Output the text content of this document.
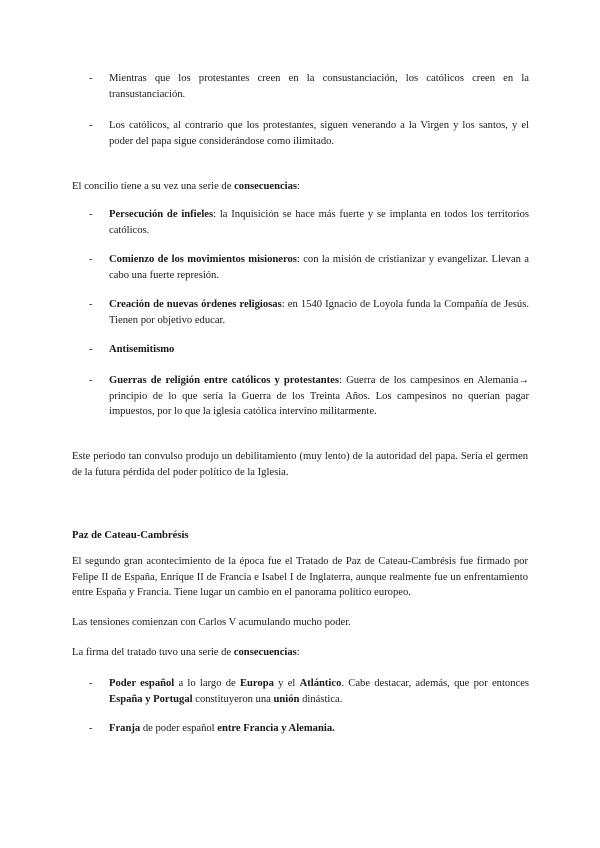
- Mientras que los protestantes creen en la consustanciación, los católicos creen en la transustanciación.
- Los católicos, al contrario que los protestantes, siguen venerando a la Virgen y los santos, y el poder del papa sigue considerándose como ilimitado.
El concilio tiene a su vez una serie de consecuencias:
- Persecución de infieles: la Inquisición se hace más fuerte y se implanta en todos los territorios católicos.
- Comienzo de los movimientos misioneros: con la misión de cristianizar y evangelizar. Llevan a cabo una fuerte represión.
- Creación de nuevas órdenes religiosas: en 1540 Ignacio de Loyola funda la Compañía de Jesús. Tienen por objetivo educar.
- Antisemitismo
- Guerras de religión entre católicos y protestantes: Guerra de los campesinos en Alemania→ principio de lo que sería la Guerra de los Treinta Años. Los campesinos no querían pagar impuestos, por lo que la iglesia católica intervino militarmente.
Este periodo tan convulso produjo un debilitamiento (muy lento) de la autoridad del papa. Sería el germen de la futura pérdida del poder político de la Iglesia.
Paz de Cateau-Cambrésis
El segundo gran acontecimiento de la época fue el Tratado de Paz de Cateau-Cambrésis fue firmado por Felipe II de España, Enrique II de Francia e Isabel I de Inglaterra, aunque realmente fue un enfrentamiento entre España y Francia. Tiene lugar un cambio en el panorama político europeo.
Las tensiones comienzan con Carlos V acumulando mucho poder.
La firma del tratado tuvo una serie de consecuencias:
- Poder español a lo largo de Europa y el Atlántico. Cabe destacar, además, que por entonces España y Portugal constituyeron una unión dinástica.
- Franja de poder español entre Francia y Alemania.
